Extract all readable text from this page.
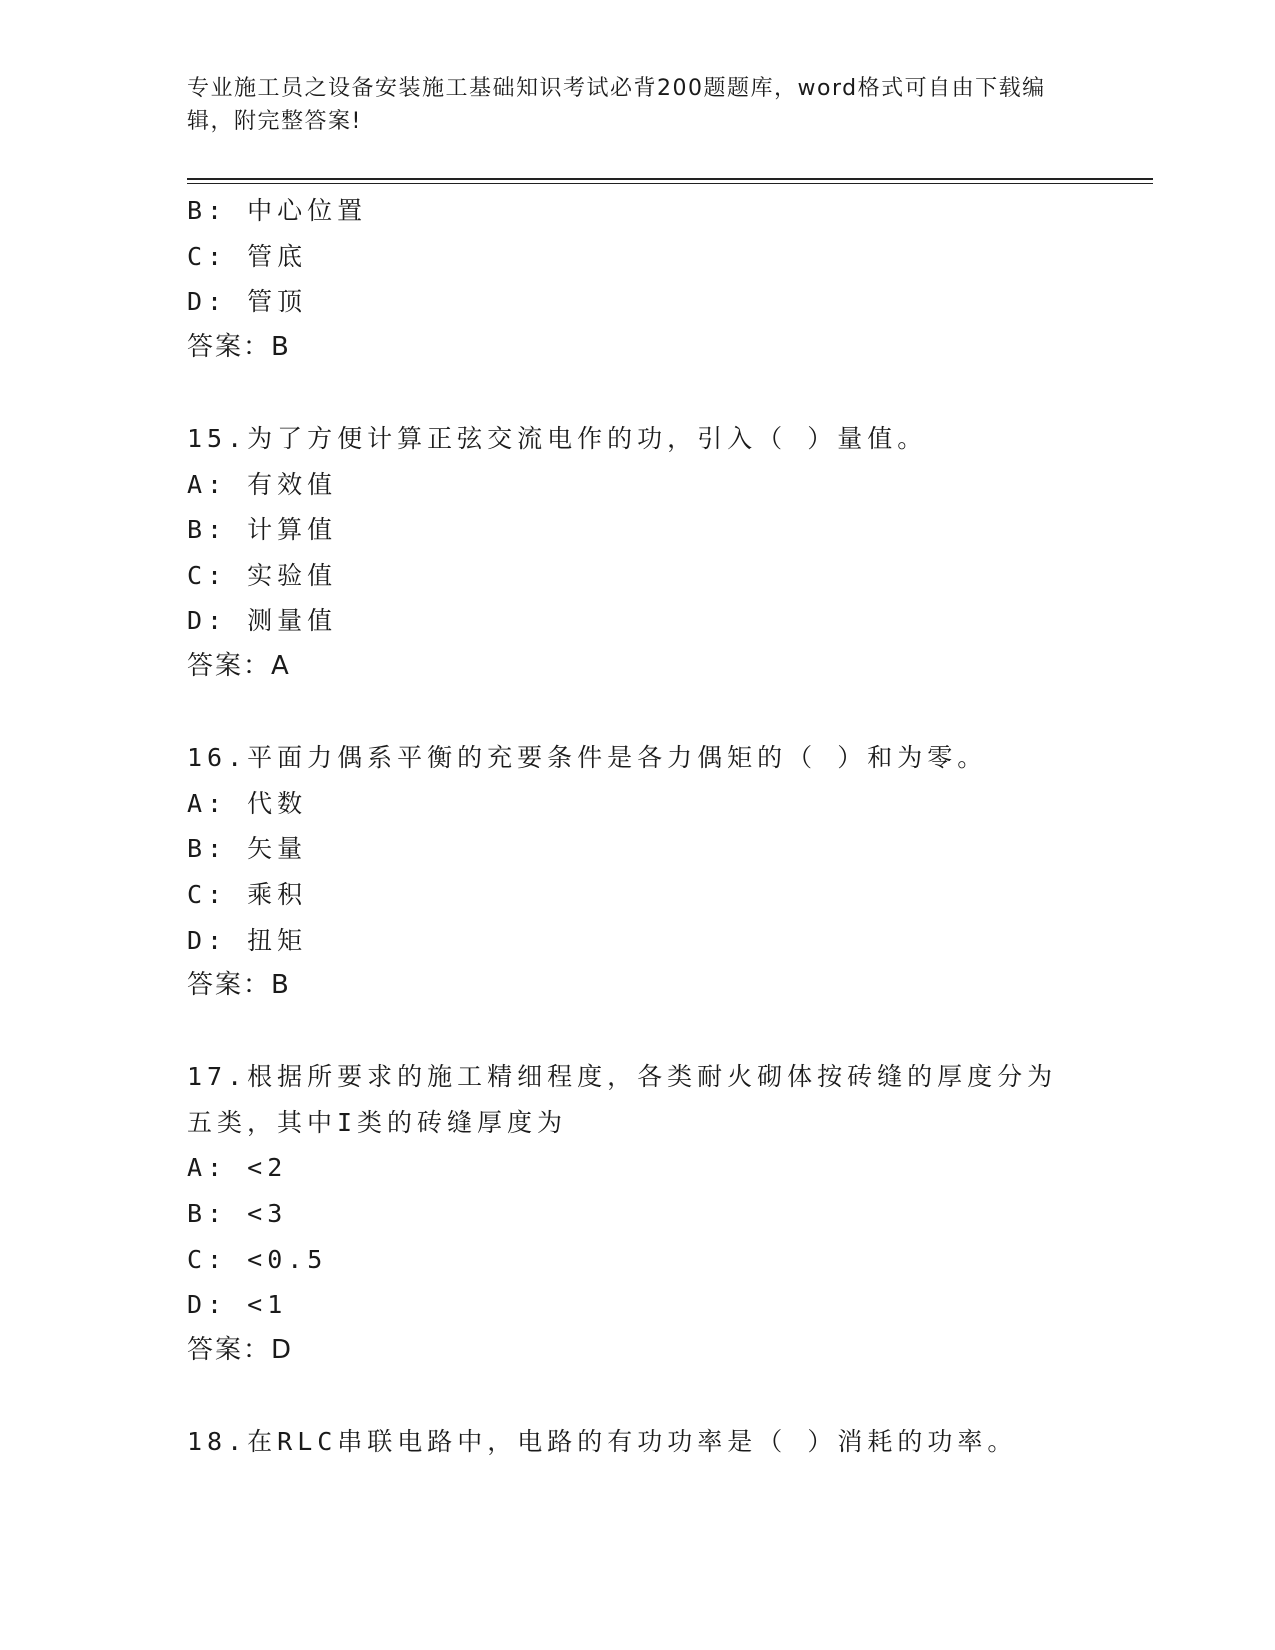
专业施工员之设备安装施工基础知识考试必背200题题库，word格式可自由下载编辑，附完整答案!
B: 中心位置
C: 管底
D: 管顶
答案：B
15.为了方便计算正弦交流电作的功，引入（ ）量值。
A: 有效值
B: 计算值
C: 实验值
D: 测量值
答案：A
16.平面力偶系平衡的充要条件是各力偶矩的（ ）和为零。
A: 代数
B: 矢量
C: 乘积
D: 扭矩
答案：B
17.根据所要求的施工精细程度，各类耐火砌体按砖缝的厚度分为五类，其中I类的砖缝厚度为
A: <2
B: <3
C: <0.5
D: <1
答案：D
18.在RLC串联电路中，电路的有功功率是（ ）消耗的功率。
